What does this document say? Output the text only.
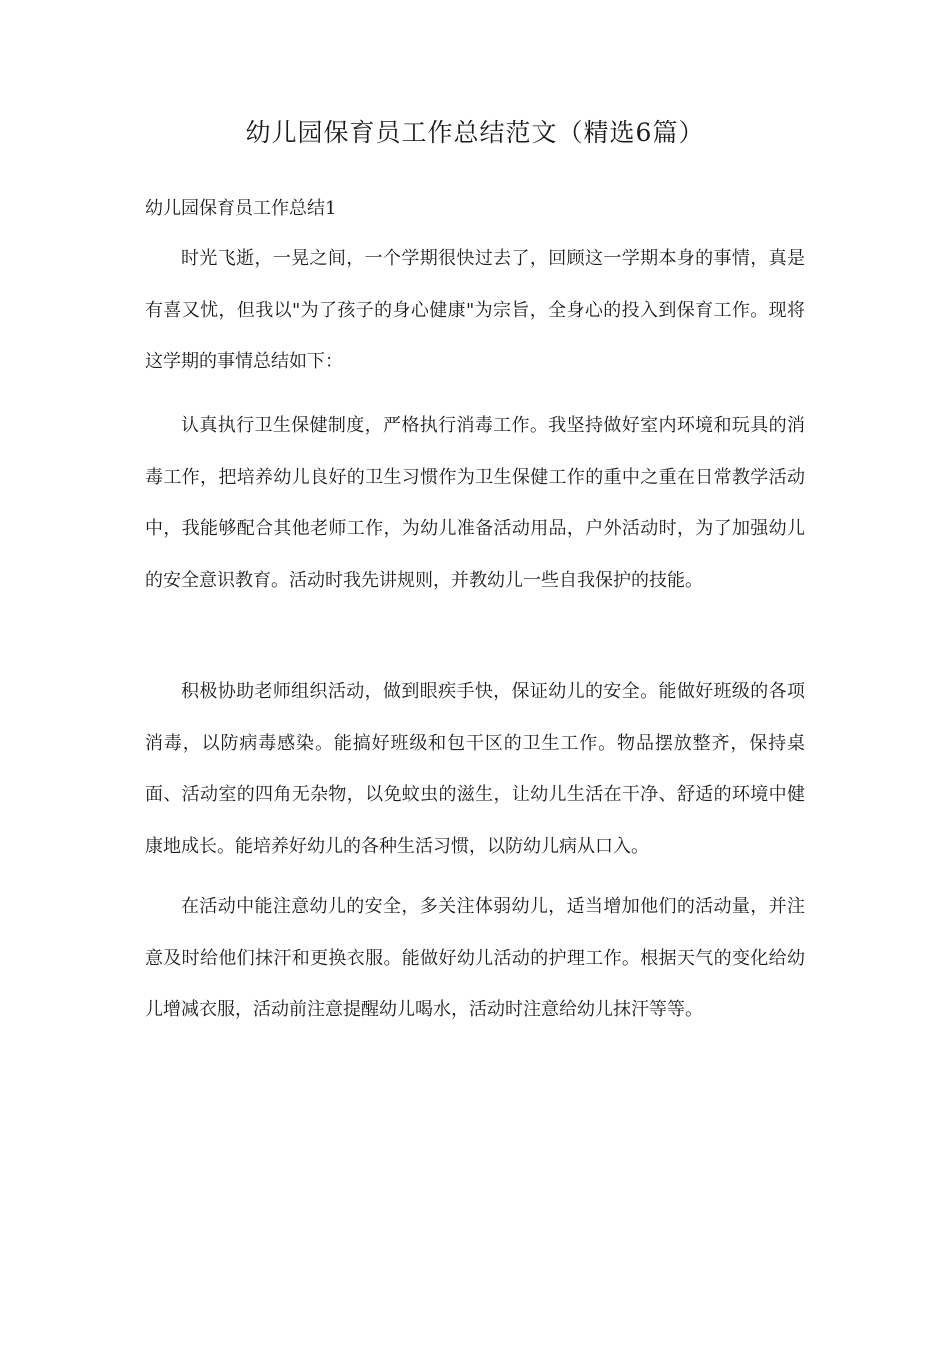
幼儿园保育员工作总结范文（精选6篇）
幼儿园保育员工作总结1

时光飞逝，一晃之间，一个学期很快过去了，回顾这一学期本身的事情，真是有喜又忧，但我以"为了孩子的身心健康"为宗旨，全身心的投入到保育工作。现将这学期的事情总结如下：

认真执行卫生保健制度，严格执行消毒工作。我坚持做好室内环境和玩具的消毒工作，把培养幼儿良好的卫生习惯作为卫生保健工作的重中之重在日常教学活动中，我能够配合其他老师工作，为幼儿准备活动用品，户外活动时，为了加强幼儿的安全意识教育。活动时我先讲规则，并教幼儿一些自我保护的技能。

积极协助老师组织活动，做到眼疾手快，保证幼儿的安全。能做好班级的各项消毒，以防病毒感染。能搞好班级和包干区的卫生工作。物品摆放整齐，保持桌面、活动室的四角无杂物，以免蚊虫的滋生，让幼儿生活在干净、舒适的环境中健康地成长。能培养好幼儿的各种生活习惯，以防幼儿病从口入。

在活动中能注意幼儿的安全，多关注体弱幼儿，适当增加他们的活动量，并注意及时给他们抹汗和更换衣服。能做好幼儿活动的护理工作。根据天气的变化给幼儿增减衣服，活动前注意提醒幼儿喝水，活动时注意给幼儿抹汗等等。
